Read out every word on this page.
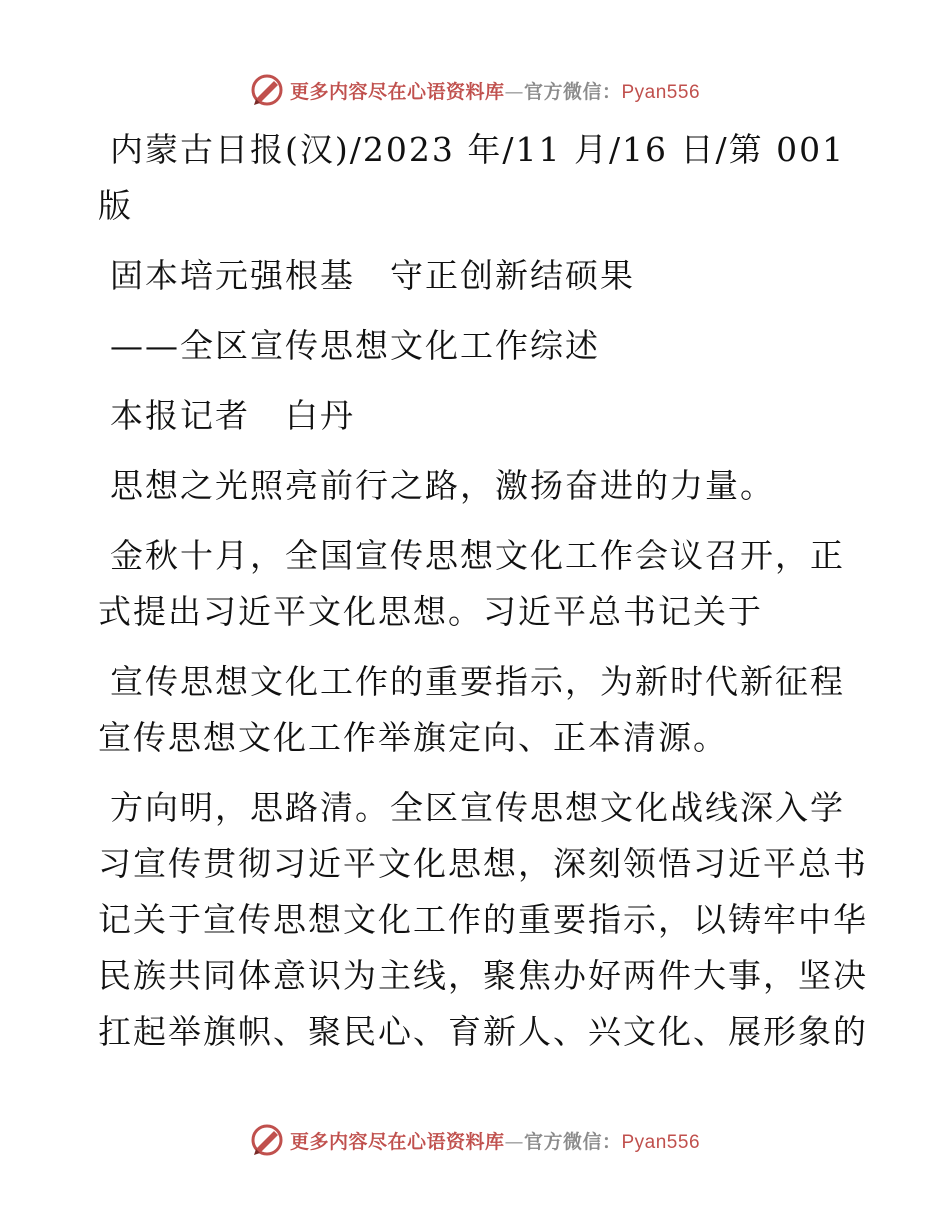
更多内容尽在心语资料库—官方微信：Pyan556
内蒙古日报(汉)/2023 年/11 月/16 日/第 001
版
固本培元强根基　守正创新结硕果
——全区宣传思想文化工作综述
本报记者　白丹
思想之光照亮前行之路，激扬奋进的力量。
金秋十月，全国宣传思想文化工作会议召开，正
式提出习近平文化思想。习近平总书记关于
宣传思想文化工作的重要指示，为新时代新征程
宣传思想文化工作举旗定向、正本清源。
方向明，思路清。全区宣传思想文化战线深入学
习宣传贯彻习近平文化思想，深刻领悟习近平总书
记关于宣传思想文化工作的重要指示，以铸牢中华
民族共同体意识为主线，聚焦办好两件大事，坚决
扛起举旗帜、聚民心、育新人、兴文化、展形象的
更多内容尽在心语资料库—官方微信：Pyan556
